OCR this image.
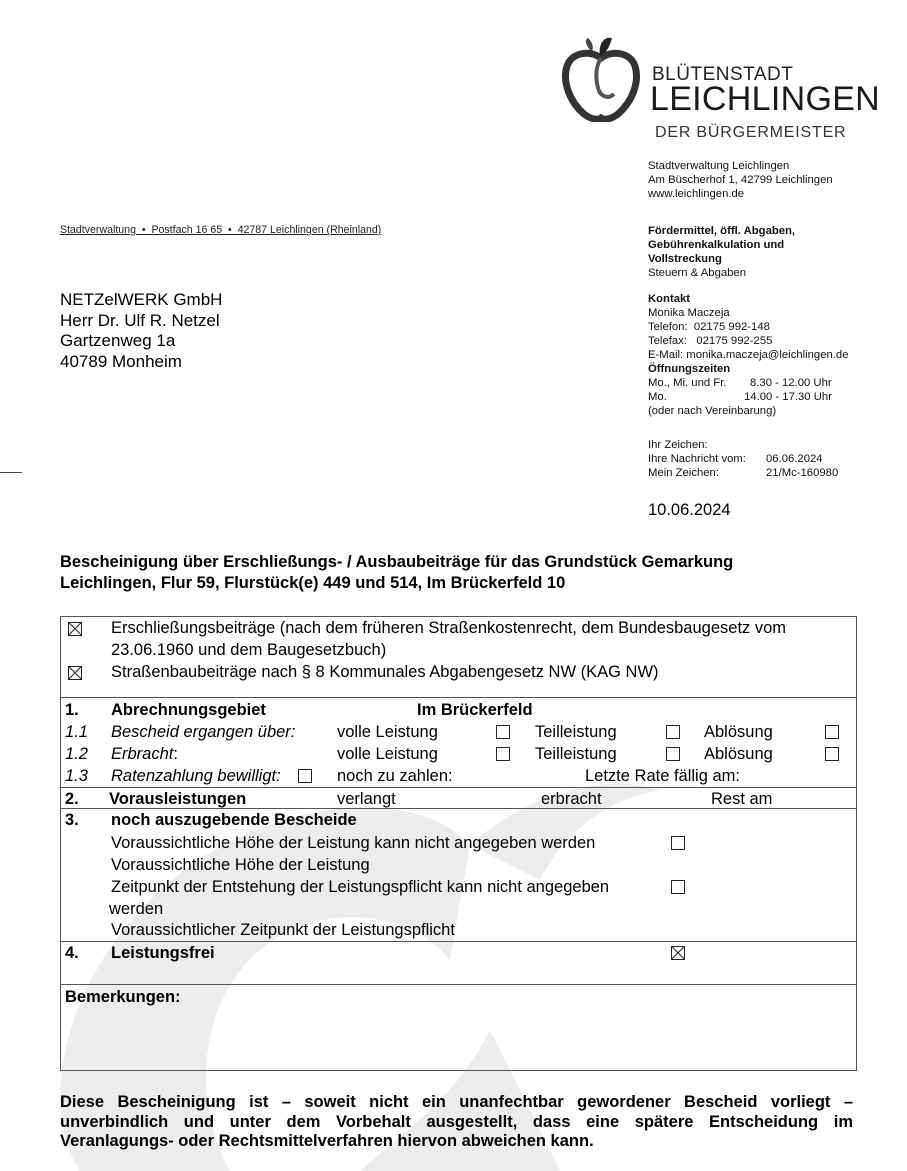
BLÜTENSTADT
LEICHLINGEN
DER BÜRGERMEISTER
Stadtverwaltung Leichlingen
Am Büscherhof 1, 42799 Leichlingen
www.leichlingen.de
Fördermittel, öffl. Abgaben,
Gebührenkalkulation und
Vollstreckung
Steuern & Abgaben
Kontakt
Monika Maczeja
Telefon: 02175 992-148
Telefax: 02175 992-255
E-Mail: monika.maczeja@leichlingen.de
Öffnungszeiten
Mo., Mi. und Fr. 8.30 - 12.00 Uhr
Mo.	14.00 - 17.30 Uhr
(oder nach Vereinbarung)
Ihr Zeichen:
Ihre Nachricht vom: 06.06.2024
Mein Zeichen:	21/Mc-160980
Stadtverwaltung  •  Postfach 16 65  •  42787 Leichlingen (Rheinland)
NETZelWERK GmbH
Herr Dr. Ulf R. Netzel
Gartzenweg 1a
40789 Monheim
10.06.2024
Bescheinigung über Erschließungs- / Ausbaubeiträge für das Grundstück Gemarkung
Leichlingen, Flur 59, Flurstück(e) 449 und 514, Im Brückerfeld 10
Erschließungsbeiträge (nach dem früheren Straßenkostenrecht, dem Bundesbaugesetz vom
23.06.1960 und dem Baugesetzbuch)
Straßenbaubeiträge nach § 8 Kommunales Abgabengesetz NW (KAG NW)
1. Abrechnungsgebiet	Im Brückerfeld
1.1 Bescheid ergangen über:	volle Leistung	Teilleistung	Ablösung
1.2 Erbracht:	volle Leistung	Teilleistung	Ablösung
1.3 Ratenzahlung bewilligt:	noch zu zahlen:	Letzte Rate fällig am:
2. Vorausleistungen	verlangt	erbracht	Rest am
3. noch auszugebende Bescheide
Voraussichtliche Höhe der Leistung kann nicht angegeben werden
Voraussichtliche Höhe der Leistung
Zeitpunkt der Entstehung der Leistungspflicht kann nicht angegeben
werden
Voraussichtlicher Zeitpunkt der Leistungspflicht
4. Leistungsfrei
Bemerkungen:
Diese Bescheinigung ist – soweit nicht ein unanfechtbar gewordener Bescheid vorliegt –
unverbindlich und unter dem Vorbehalt ausgestellt, dass eine spätere Entscheidung im
Veranlagungs- oder Rechtsmittelverfahren hiervon abweichen kann.
